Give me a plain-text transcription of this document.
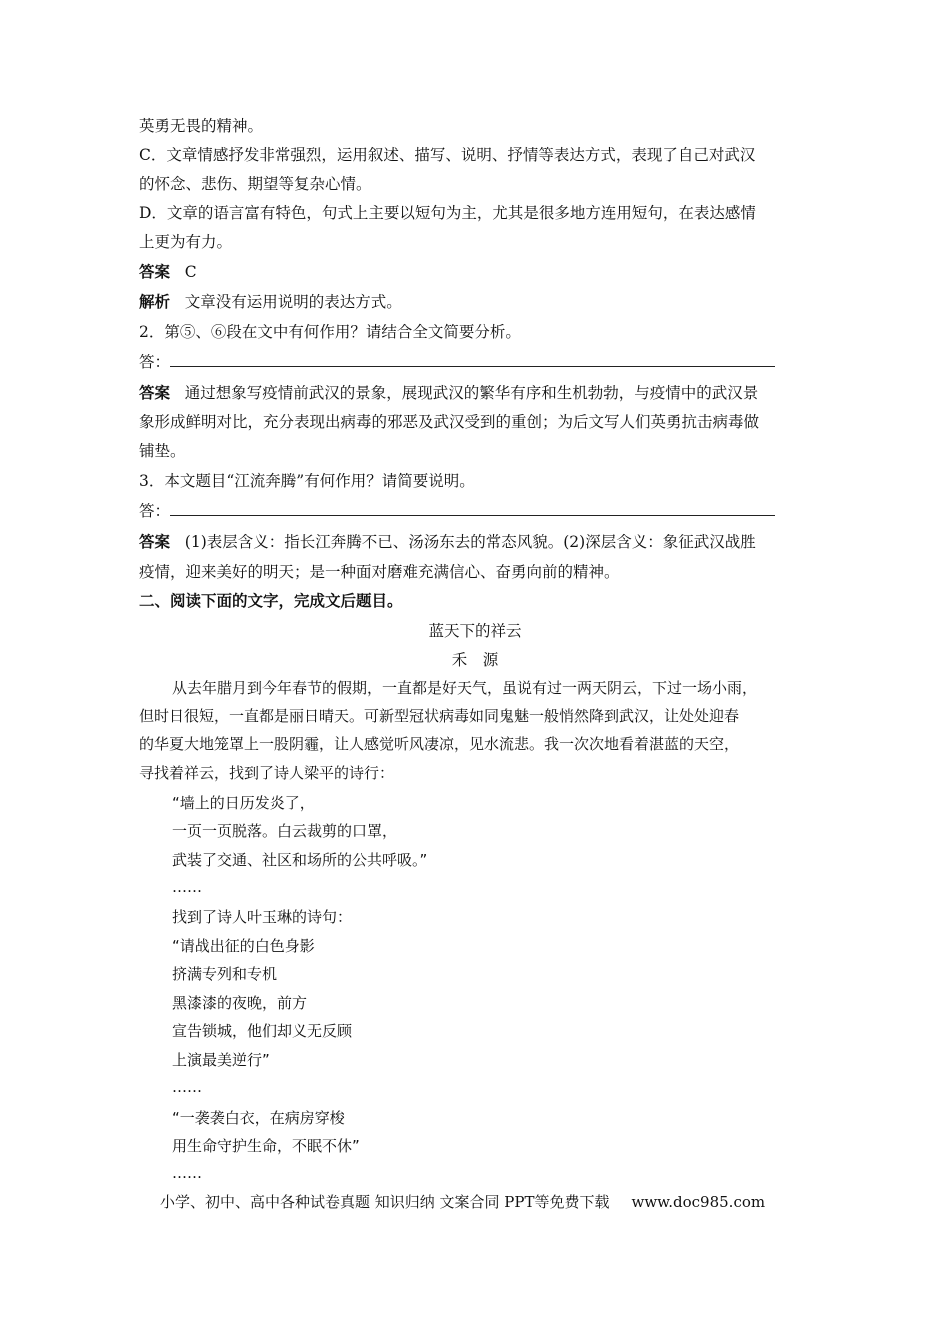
英勇无畏的精神。
C．文章情感抒发非常强烈，运用叙述、描写、说明、抒情等表达方式，表现了自己对武汉
的怀念、悲伤、期望等复杂心情。
D．文章的语言富有特色，句式上主要以短句为主，尤其是很多地方连用短句，在表达感情
上更为有力。
答案 C
解析 文章没有运用说明的表达方式。
2．第⑤、⑥段在文中有何作用？请结合全文简要分析。
答：
答案 通过想象写疫情前武汉的景象，展现武汉的繁华有序和生机勃勃，与疫情中的武汉景
象形成鲜明对比，充分表现出病毒的邪恶及武汉受到的重创；为后文写人们英勇抗击病毒做
铺垫。
3．本文题目“江流奔腾”有何作用？请简要说明。
答：
答案 (1)表层含义：指长江奔腾不已、汤汤东去的常态风貌。(2)深层含义：象征武汉战胜
疫情，迎来美好的明天；是一种面对磨难充满信心、奋勇向前的精神。
二、阅读下面的文字，完成文后题目。
蓝天下的祥云
禾　源
从去年腊月到今年春节的假期，一直都是好天气，虽说有过一两天阴云，下过一场小雨，
但时日很短，一直都是丽日晴天。可新型冠状病毒如同鬼魅一般悄然降到武汉，让处处迎春
的华夏大地笼罩上一股阴霾，让人感觉听风凄凉，见水流悲。我一次次地看着湛蓝的天空，
寻找着祥云，找到了诗人梁平的诗行：
“墙上的日历发炎了，
一页一页脱落。白云裁剪的口罩，
武装了交通、社区和场所的公共呼吸。”
……
找到了诗人叶玉琳的诗句：
“请战出征的白色身影
挤满专列和专机
黑漆漆的夜晚，前方
宣告锁城，他们却义无反顾
上演最美逆行”
……
“一袭袭白衣，在病房穿梭
用生命守护生命，不眠不休”
……
小学、初中、高中各种试卷真题 知识归纳 文案合同 PPT等免费下载 www.doc985.com
